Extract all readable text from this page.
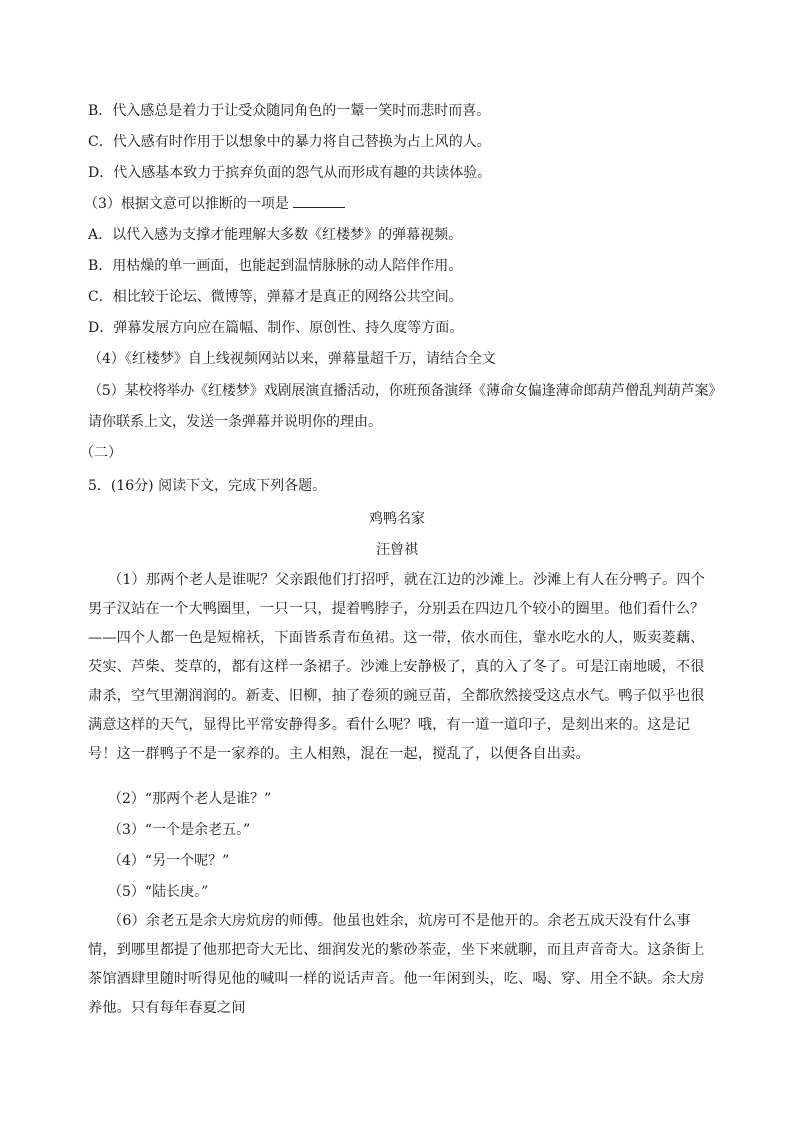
B．代入感总是着力于让受众随同角色的一颦一笑时而悲时而喜。
C．代入感有时作用于以想象中的暴力将自己替换为占上风的人。
D．代入感基本致力于摈弃负面的怨气从而形成有趣的共读体验。
（3）根据文意可以推断的一项是
A．以代入感为支撑才能理解大多数《红楼梦》的弹幕视频。
B．用枯燥的单一画面，也能起到温情脉脉的动人陪伴作用。
C．相比较于论坛、微博等，弹幕才是真正的网络公共空间。
D．弹幕发展方向应在篇幅、制作、原创性、持久度等方面。
（4）《红楼梦》自上线视频网站以来，弹幕量超千万，请结合全文
（5）某校将举办《红楼梦》戏剧展演直播活动，你班预备演绎《薄命女偏逢薄命郎葫芦僧乱判葫芦案》
请你联系上文，发送一条弹幕并说明你的理由。
（二）
5．(16分) 阅读下文，完成下列各题。
鸡鸭名家
汪曾祺
（1）那两个老人是谁呢？父亲跟他们打招呼，就在江边的沙滩上。沙滩上有人在分鸭子。四个男子汉站在一个大鸭圈里，一只一只，提着鸭脖子，分别丢在四边几个较小的圈里。他们看什么？——四个人都一色是短棉袄，下面皆系青布鱼裙。这一带，依水而住，靠水吃水的人，贩卖菱藕、芡实、芦柴、茭草的，都有这样一条裙子。沙滩上安静极了，真的入了冬了。可是江南地暖，不很肃杀，空气里潮润润的。新麦、旧柳，抽了卷须的豌豆苗，全都欣然接受这点水气。鸭子似乎也很满意这样的天气，显得比平常安静得多。看什么呢？哦，有一道一道印子，是刻出来的。这是记号！这一群鸭子不是一家养的。主人相熟，混在一起，搅乱了，以便各自出卖。
（2）“那两个老人是谁？”
（3）“一个是余老五。”
（4）“另一个呢？”
（5）“陆长庚。”
（6）余老五是余大房炕房的师傅。他虽也姓余，炕房可不是他开的。余老五成天没有什么事情，到哪里都提了他那把奇大无比、细润发光的紫砂茶壶，坐下来就聊，而且声音奇大。这条街上茶馆酒肆里随时听得见他的喊叫一样的说话声音。他一年闲到头，吃、喝、穿、用全不缺。余大房养他。只有每年春夏之间
